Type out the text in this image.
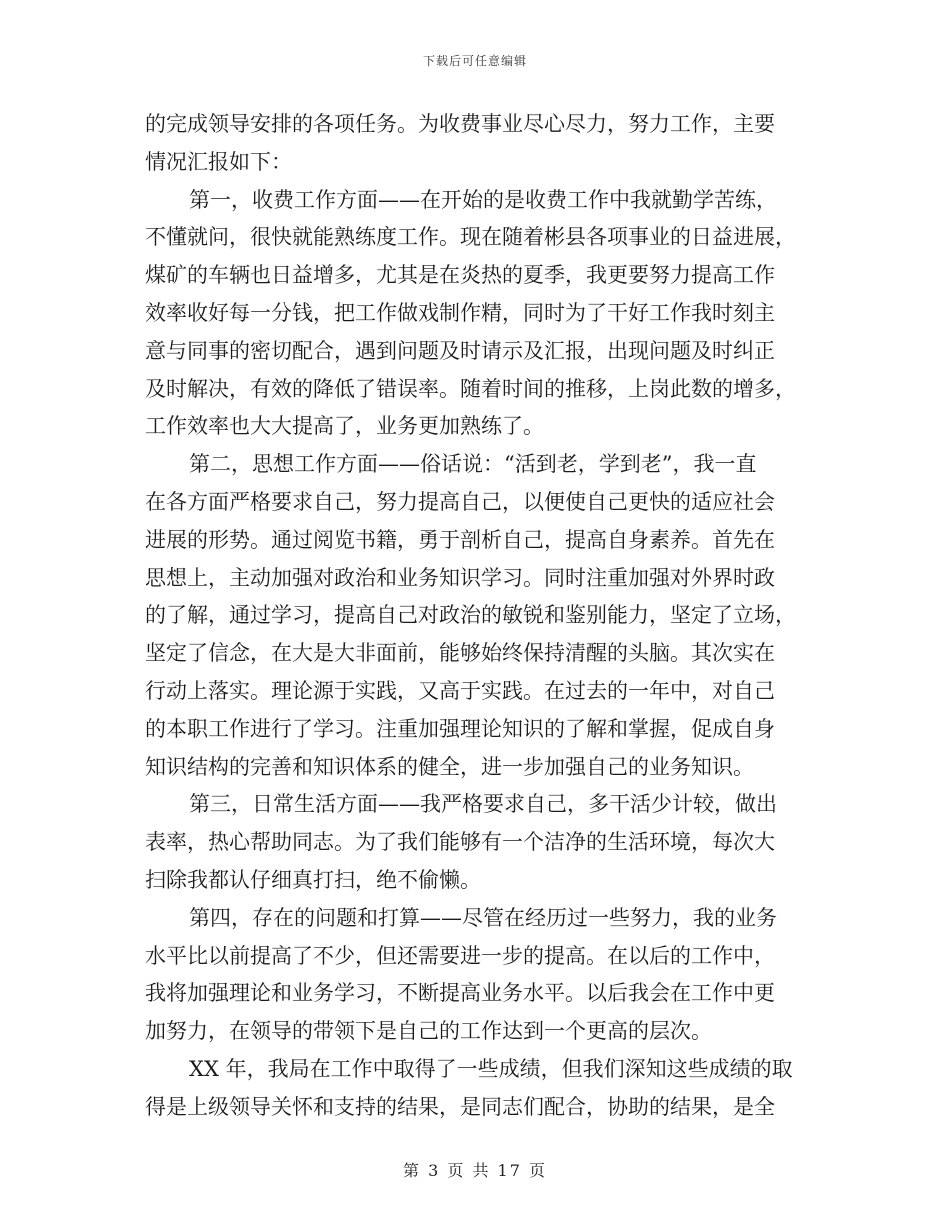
下载后可任意编辑
的完成领导安排的各项任务。为收费事业尽心尽力，努力工作，主要
情况汇报如下：
第一，收费工作方面——在开始的是收费工作中我就勤学苦练，
不懂就问，很快就能熟练度工作。现在随着彬县各项事业的日益进展，
煤矿的车辆也日益增多，尤其是在炎热的夏季，我更要努力提高工作
效率收好每一分钱，把工作做戏制作精，同时为了干好工作我时刻主
意与同事的密切配合，遇到问题及时请示及汇报，出现问题及时纠正
及时解决，有效的降低了错误率。随着时间的推移，上岗此数的增多，
工作效率也大大提高了，业务更加熟练了。
第二，思想工作方面——俗话说：“活到老，学到老”，我一直
在各方面严格要求自己，努力提高自己，以便使自己更快的适应社会
进展的形势。通过阅览书籍，勇于剖析自己，提高自身素养。首先在
思想上，主动加强对政治和业务知识学习。同时注重加强对外界时政
的了解，通过学习，提高自己对政治的敏锐和鉴别能力，坚定了立场，
坚定了信念，在大是大非面前，能够始终保持清醒的头脑。其次实在
行动上落实。理论源于实践，又高于实践。在过去的一年中，对自己
的本职工作进行了学习。注重加强理论知识的了解和掌握，促成自身
知识结构的完善和知识体系的健全，进一步加强自己的业务知识。
第三，日常生活方面——我严格要求自己，多干活少计较，做出
表率，热心帮助同志。为了我们能够有一个洁净的生活环境，每次大
扫除我都认仔细真打扫，绝不偷懒。
第四，存在的问题和打算——尽管在经历过一些努力，我的业务
水平比以前提高了不少，但还需要进一步的提高。在以后的工作中，
我将加强理论和业务学习，不断提高业务水平。以后我会在工作中更
加努力，在领导的带领下是自己的工作达到一个更高的层次。
XX 年，我局在工作中取得了一些成绩，但我们深知这些成绩的取
得是上级领导关怀和支持的结果，是同志们配合，协助的结果，是全
第 3 页 共 17 页
